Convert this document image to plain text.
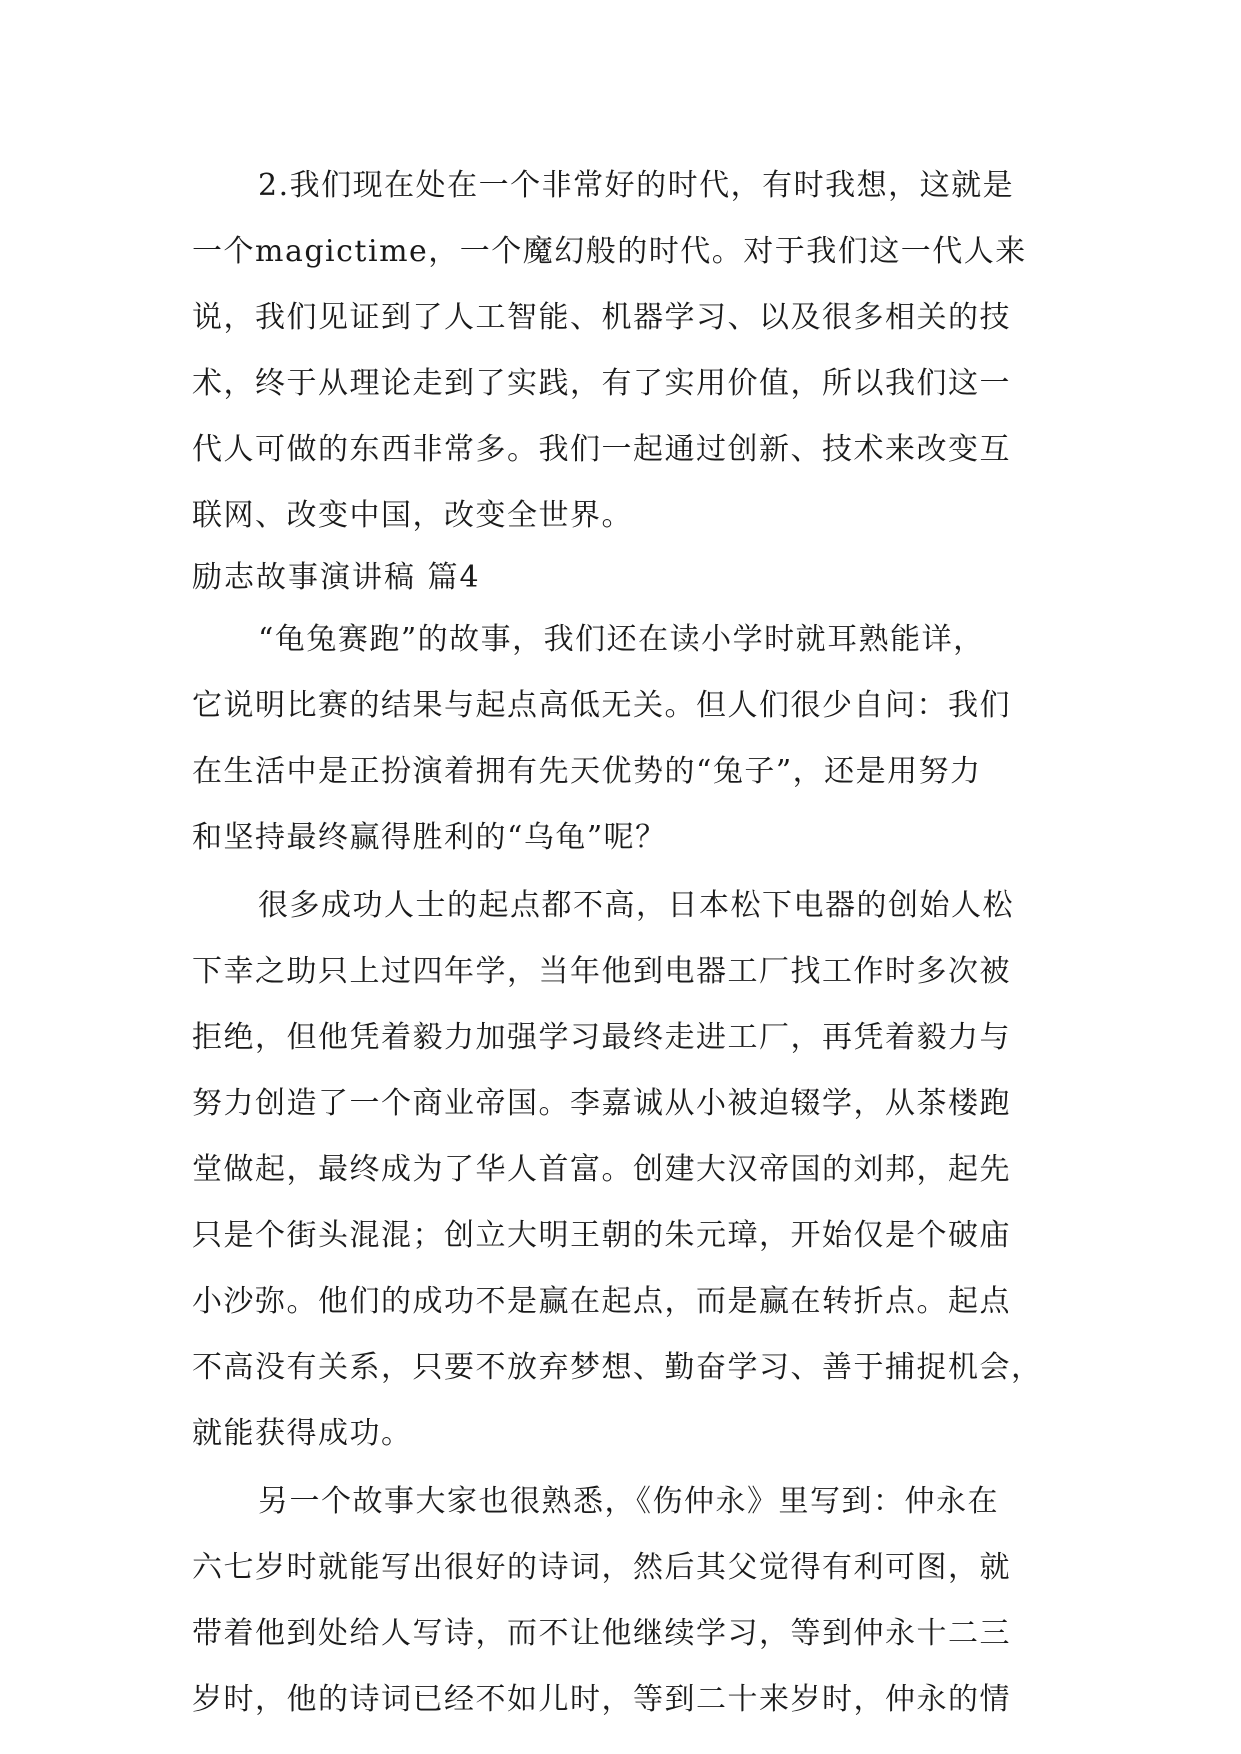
2.我们现在处在一个非常好的时代，有时我想，这就是
一个magictime，一个魔幻般的时代。对于我们这一代人来
说，我们见证到了人工智能、机器学习、以及很多相关的技
术，终于从理论走到了实践，有了实用价值，所以我们这一
代人可做的东西非常多。我们一起通过创新、技术来改变互
联网、改变中国，改变全世界。
励志故事演讲稿 篇4
“龟兔赛跑”的故事，我们还在读小学时就耳熟能详，
它说明比赛的结果与起点高低无关。但人们很少自问：我们
在生活中是正扮演着拥有先天优势的“兔子”，还是用努力
和坚持最终赢得胜利的“乌龟”呢？
很多成功人士的起点都不高，日本松下电器的创始人松
下幸之助只上过四年学，当年他到电器工厂找工作时多次被
拒绝，但他凭着毅力加强学习最终走进工厂，再凭着毅力与
努力创造了一个商业帝国。李嘉诚从小被迫辍学，从茶楼跑
堂做起，最终成为了华人首富。创建大汉帝国的刘邦，起先
只是个街头混混；创立大明王朝的朱元璋，开始仅是个破庙
小沙弥。他们的成功不是赢在起点，而是赢在转折点。起点
不高没有关系，只要不放弃梦想、勤奋学习、善于捕捉机会，
就能获得成功。
另一个故事大家也很熟悉，《伤仲永》里写到：仲永在
六七岁时就能写出很好的诗词，然后其父觉得有利可图，就
带着他到处给人写诗，而不让他继续学习，等到仲永十二三
岁时，他的诗词已经不如儿时，等到二十来岁时，仲永的情
